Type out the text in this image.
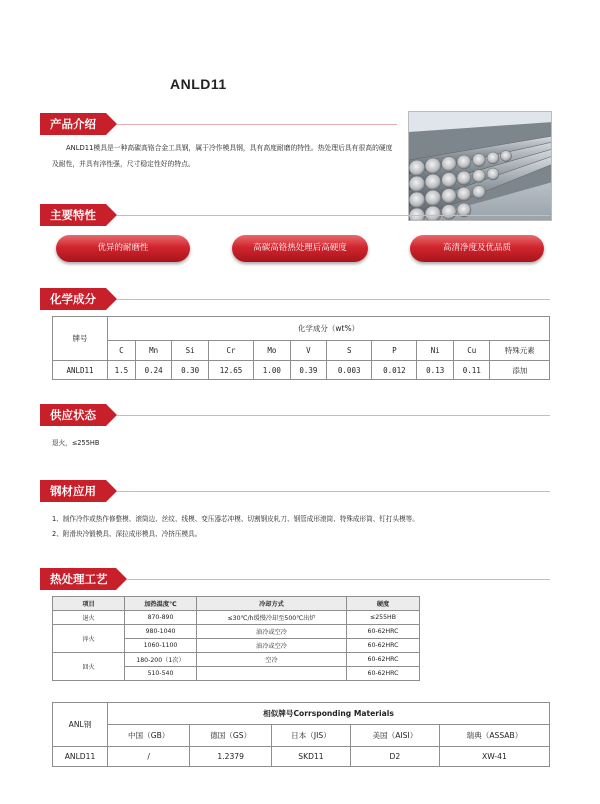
ANLD11
产品介绍
ANLD11模具是一种高碳高铬合金工具钢，属于冷作模具钢，具有高度耐磨的特性。热处理后具有很高的硬度及耐性，并具有淬性强，尺寸稳定性好的特点。
主要特性
优异的耐磨性	高碳高铬热处理后高硬度	高清净度及优品质
化学成分
牌号	化学成分（wt%）										
	C	Mn	Si	Cr	Mo	V	S	P	Ni	Cu	特殊元素
ANLD11	1.5	0.24	0.30	12.65	1.00	0.39	0.003	0.012	0.13	0.11	添加
供应状态
退火，≤255HB
钢材应用
1、制作冷作或热作修整模、滚筒边、丝纹、线模、变压器芯冲模、切割钢皮轧刀、钢管成形滚筒、特殊成形筒、钉打头模等。
2、附滑块冷锻模具、深拉成形模具、冷挤压模具。
热处理工艺
项目	加热温度℃	冷却方式	硬度
退火	870-890	≤30℃/h缓慢冷却至500℃出炉	≤255HB
淬火	980-1040	油冷或空冷	60-62HRC
	1060-1100	油冷或空冷	60-62HRC
回火	180-200（1次）	空冷	60-62HRC
	510-540		60-62HRC
ANL钢	相似牌号Corrsponding Materials				
	中国（GB）	德国（GS）	日本（JIS）	美国（AISI）	瑞典（ASSAB）
ANLD11	/	1.2379	SKD11	D2	XW-41
